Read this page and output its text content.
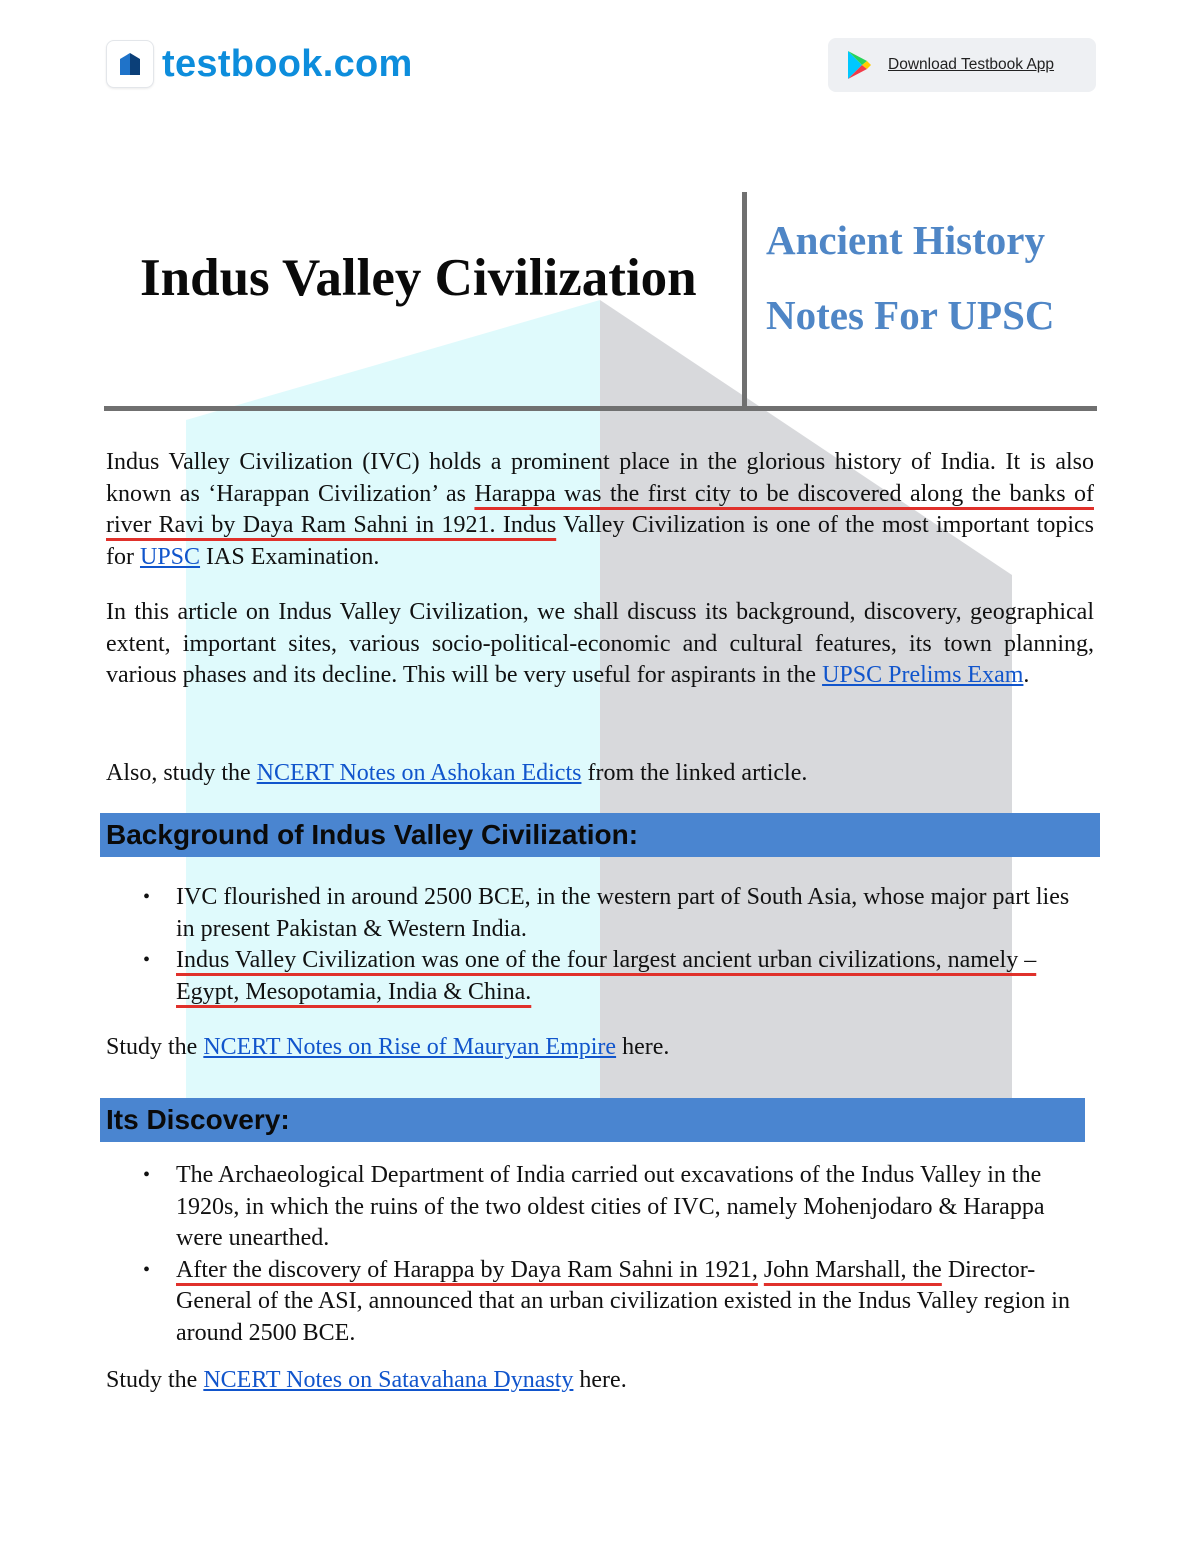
testbook.com	Download Testbook App
Indus Valley Civilization

Ancient History

Notes For UPSC

Indus Valley Civilization (IVC) holds a prominent place in the glorious history of India. It is also known as ‘Harappan Civilization’ as Harappa was the first city to be discovered along the banks of river Ravi by Daya Ram Sahni in 1921. Indus Valley Civilization is one of the most important topics for UPSC IAS Examination.

In this article on Indus Valley Civilization, we shall discuss its background, discovery, geographical extent, important sites, various socio-political-economic and cultural features, its town planning, various phases and its decline. This will be very useful for aspirants in the UPSC Prelims Exam.

Also, study the NCERT Notes on Ashokan Edicts from the linked article.

Background of Indus Valley Civilization:
• IVC flourished in around 2500 BCE, in the western part of South Asia, whose major part lies in present Pakistan & Western India.
• Indus Valley Civilization was one of the four largest ancient urban civilizations, namely – Egypt, Mesopotamia, India & China.

Study the NCERT Notes on Rise of Mauryan Empire here.

Its Discovery:
• The Archaeological Department of India carried out excavations of the Indus Valley in the 1920s, in which the ruins of the two oldest cities of IVC, namely Mohenjodaro & Harappa were unearthed.
• After the discovery of Harappa by Daya Ram Sahni in 1921, John Marshall, the Director-General of the ASI, announced that an urban civilization existed in the Indus Valley region in around 2500 BCE.

Study the NCERT Notes on Satavahana Dynasty here.
